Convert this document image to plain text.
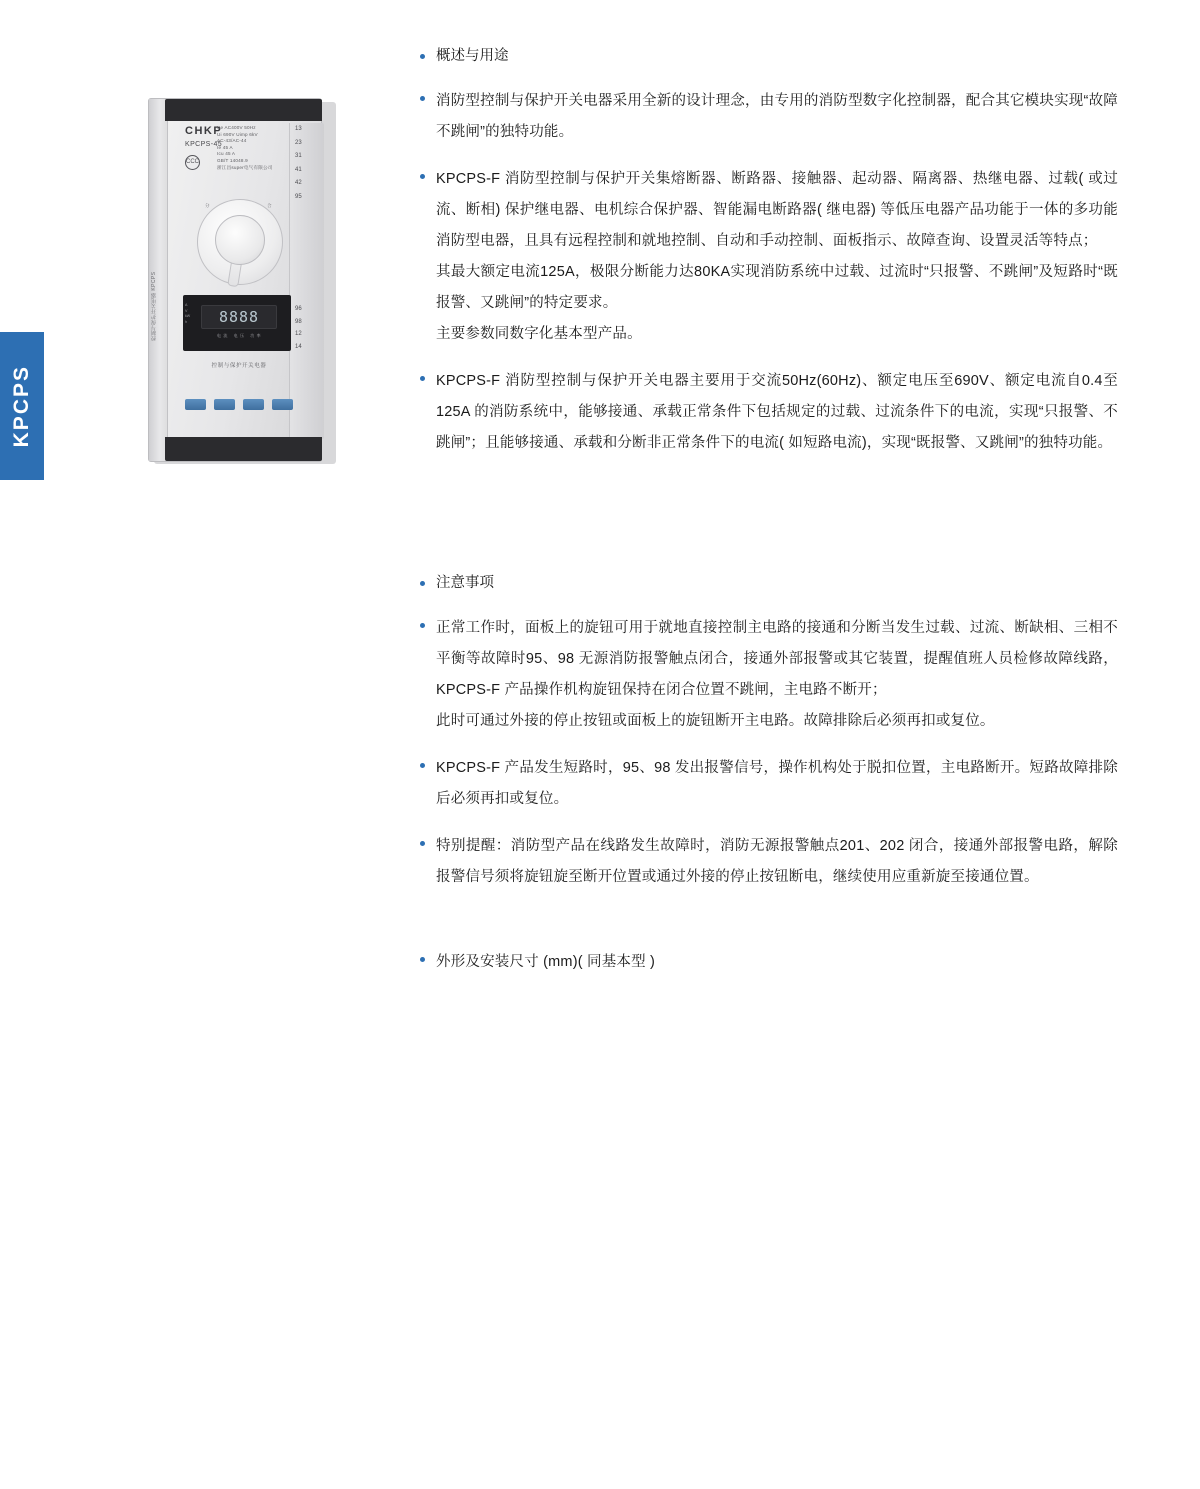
KPCPS
控制与保护开关电器 KPCPS
CHKP
KPCPS-45
CCC
Ue AC400V 50Hz
Ui 690V Uimp 6kV
AC-43/AC-44
Ie 45 A
Icu 45 A
GB/T 14048.9
浙江昌super电气有限公司
13
23
31
41
42
95
96
98
12
14
分	合
A
V
kW
h	8888
电流 电压 功率
控制与保护开关电器
概述与用途
消防型控制与保护开关电器采用全新的设计理念，由专用的消防型数字化控制器，配合其它模块实现“故障不跳闸”的独特功能。
KPCPS-F 消防型控制与保护开关集熔断器、断路器、接触器、起动器、隔离器、热继电器、过载( 或过流、断相) 保护继电器、电机综合保护器、智能漏电断路器( 继电器) 等低压电器产品功能于一体的多功能消防型电器，且具有远程控制和就地控制、自动和手动控制、面板指示、故障查询、设置灵活等特点；
其最大额定电流125A，极限分断能力达80KA实现消防系统中过载、过流时“只报警、不跳闸”及短路时“既报警、又跳闸”的特定要求。
主要参数同数字化基本型产品。
KPCPS-F 消防型控制与保护开关电器主要用于交流50Hz(60Hz)、额定电压至690V、额定电流自0.4至125A 的消防系统中，能够接通、承载正常条件下包括规定的过载、过流条件下的电流，实现“只报警、不跳闸”；且能够接通、承载和分断非正常条件下的电流( 如短路电流)，实现“既报警、又跳闸”的独特功能。
注意事项
正常工作时，面板上的旋钮可用于就地直接控制主电路的接通和分断当发生过载、过流、断缺相、三相不平衡等故障时95、98 无源消防报警触点闭合，接通外部报警或其它装置，提醒值班人员检修故障线路，KPCPS-F 产品操作机构旋钮保持在闭合位置不跳闸，主电路不断开；
此时可通过外接的停止按钮或面板上的旋钮断开主电路。故障排除后必须再扣或复位。
KPCPS-F 产品发生短路时，95、98 发出报警信号，操作机构处于脱扣位置，主电路断开。短路故障排除后必须再扣或复位。
特别提醒：消防型产品在线路发生故障时，消防无源报警触点201、202 闭合，接通外部报警电路，解除报警信号须将旋钮旋至断开位置或通过外接的停止按钮断电，继续使用应重新旋至接通位置。
外形及安装尺寸 (mm)( 同基本型 )
